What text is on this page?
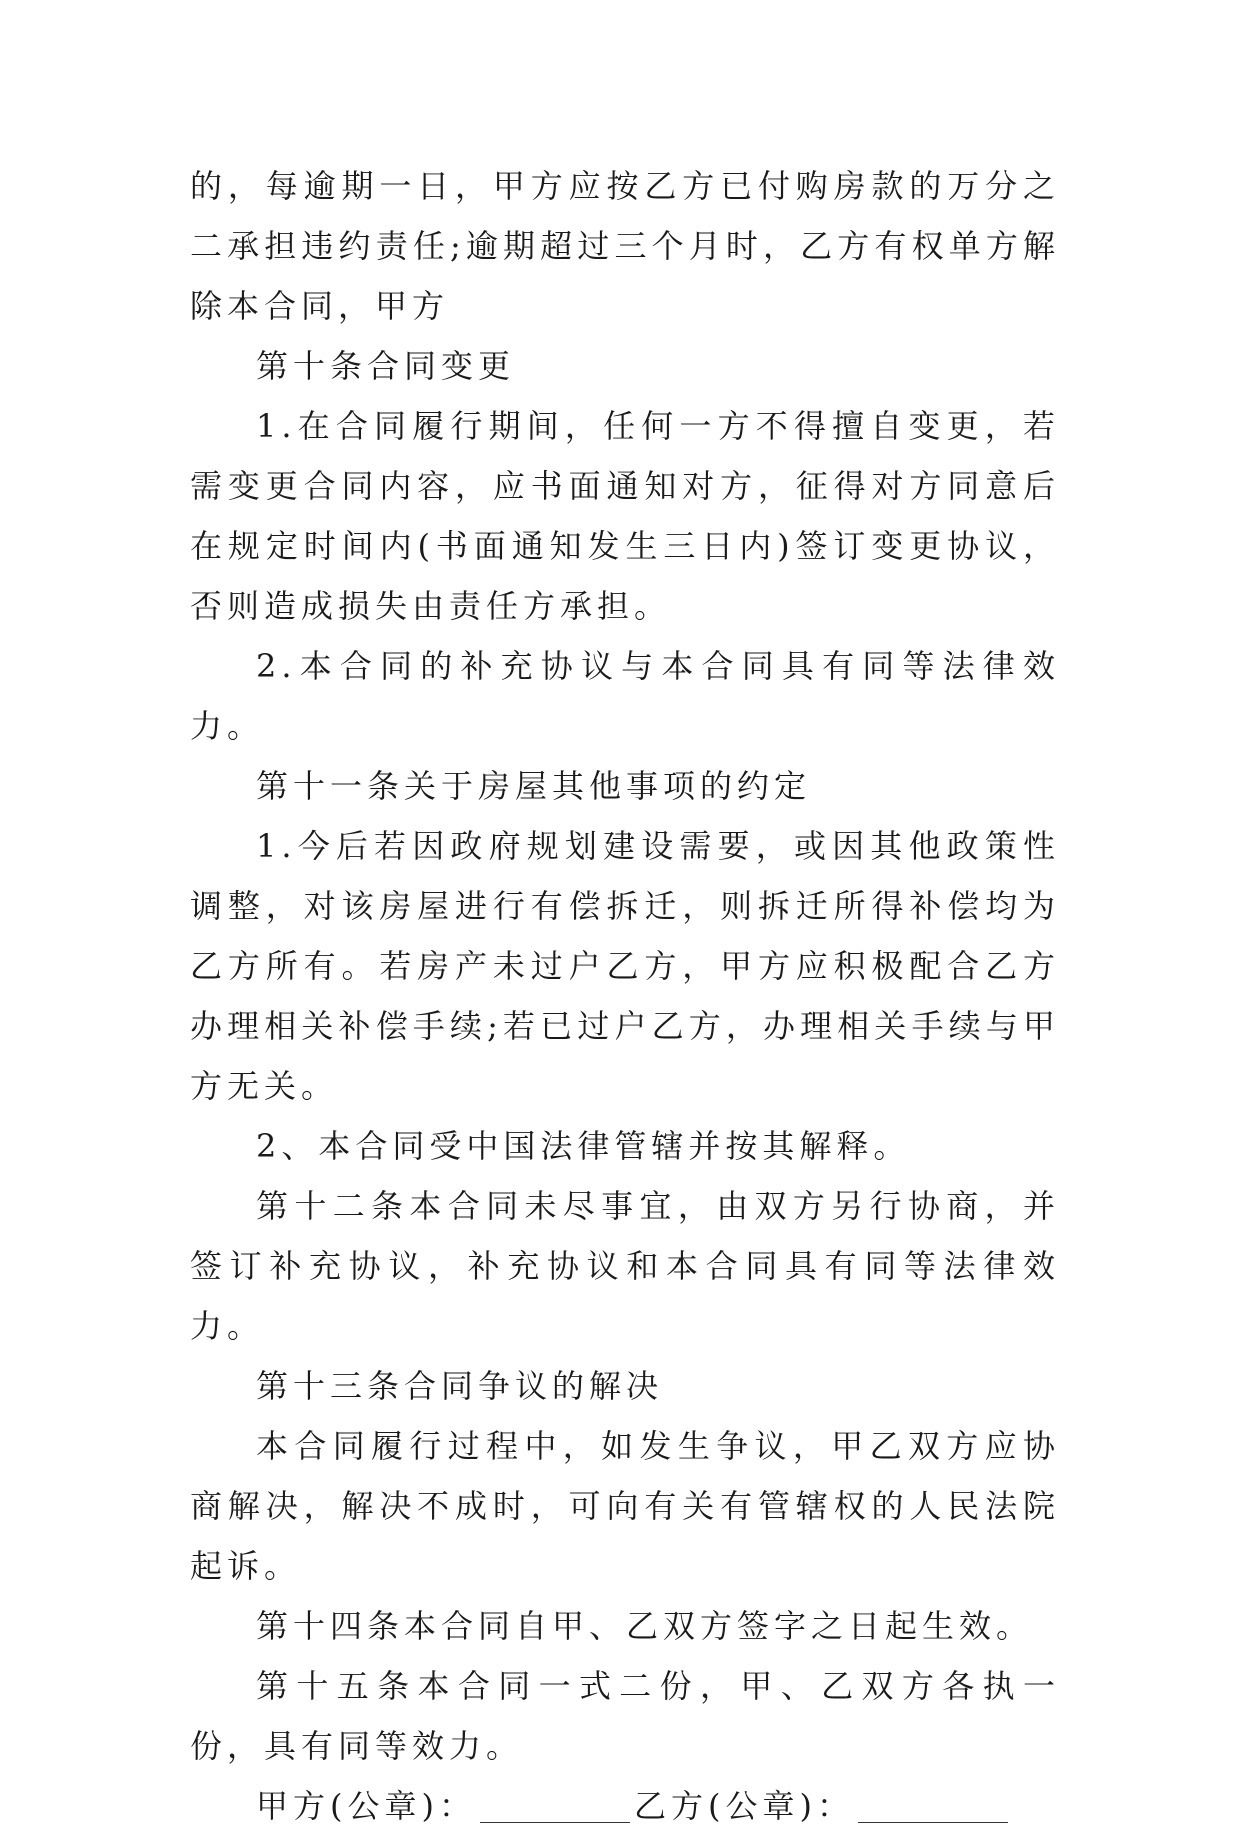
的，每逾期一日，甲方应按乙方已付购房款的万分之二承担违约责任;逾期超过三个月时，乙方有权单方解除本合同，甲方

第十条合同变更

1.在合同履行期间，任何一方不得擅自变更，若需变更合同内容，应书面通知对方，征得对方同意后在规定时间内(书面通知发生三日内)签订变更协议，否则造成损失由责任方承担。

2.本合同的补充协议与本合同具有同等法律效力。

第十一条关于房屋其他事项的约定

1.今后若因政府规划建设需要，或因其他政策性调整，对该房屋进行有偿拆迁，则拆迁所得补偿均为乙方所有。若房产未过户乙方，甲方应积极配合乙方办理相关补偿手续;若已过户乙方，办理相关手续与甲方无关。

2、本合同受中国法律管辖并按其解释。

第十二条本合同未尽事宜，由双方另行协商，并签订补充协议，补充协议和本合同具有同等法律效力。

第十三条合同争议的解决

本合同履行过程中，如发生争议，甲乙双方应协商解决，解决不成时，可向有关有管辖权的人民法院起诉。

第十四条本合同自甲、乙双方签字之日起生效。

第十五条本合同一式二份，甲、乙双方各执一份，具有同等效力。

甲方(公章)：	乙方(公章)：
